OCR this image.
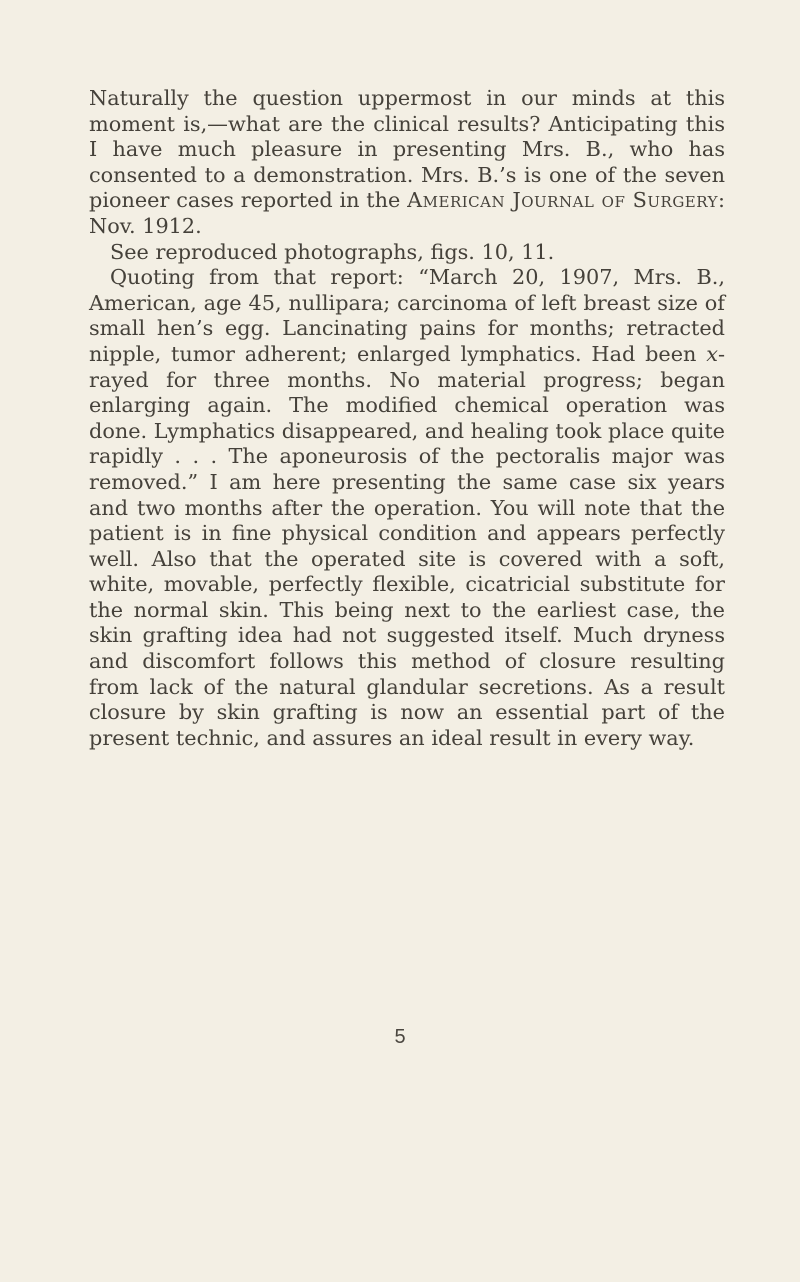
Naturally the question uppermost in our minds at this moment is,—what are the clinical results? Anticipating this I have much pleasure in presenting Mrs. B., who has consented to a demonstration. Mrs. B.’s is one of the seven pioneer cases reported in the American Journal of Surgery: Nov. 1912.

See reproduced photographs, figs. 10, 11.

Quoting from that report: “March 20, 1907, Mrs. B., American, age 45, nullipara; carcinoma of left breast size of small hen’s egg. Lancinating pains for months; retracted nipple, tumor adherent; enlarged lymphatics. Had been x-rayed for three months. No material progress; began enlarging again. The modified chemical operation was done. Lymphatics disappeared, and healing took place quite rapidly . . . The aponeurosis of the pectoralis major was removed.” I am here presenting the same case six years and two months after the operation. You will note that the patient is in fine physical condition and appears perfectly well. Also that the operated site is covered with a soft, white, movable, perfectly flexible, cicatricial substitute for the normal skin. This being next to the earliest case, the skin grafting idea had not suggested itself. Much dryness and discomfort follows this method of closure resulting from lack of the natural glandular secretions. As a result closure by skin grafting is now an essential part of the present technic, and assures an ideal result in every way.

5
